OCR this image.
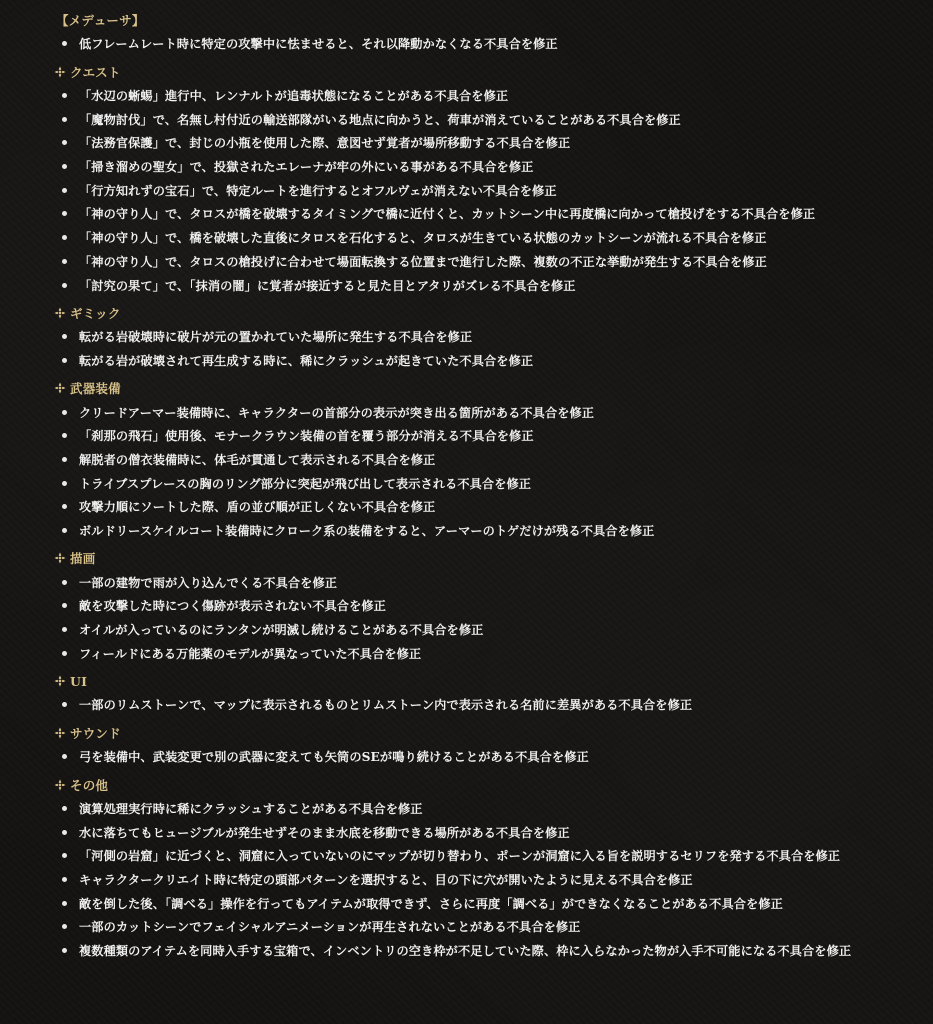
【メデューサ】
低フレームレート時に特定の攻撃中に怯ませると、それ以降動かなくなる不具合を修正
クエスト
「水辺の蜥蜴」進行中、レンナルトが追毒状態になることがある不具合を修正
「魔物討伐」で、名無し村付近の輸送部隊がいる地点に向かうと、荷車が消えていることがある不具合を修正
「法務官保護」で、封じの小瓶を使用した際、意図せず覚者が場所移動する不具合を修正
「掃き溜めの聖女」で、投獄されたエレーナが牢の外にいる事がある不具合を修正
「行方知れずの宝石」で、特定ルートを進行するとオフルヴェが消えない不具合を修正
「神の守り人」で、タロスが橋を破壊するタイミングで橋に近付くと、カットシーン中に再度橋に向かって槍投げをする不具合を修正
「神の守り人」で、橋を破壊した直後にタロスを石化すると、タロスが生きている状態のカットシーンが流れる不具合を修正
「神の守り人」で、タロスの槍投げに合わせて場面転換する位置まで進行した際、複数の不正な挙動が発生する不具合を修正
「討究の果て」で、「抹消の闇」に覚者が接近すると見た目とアタリがズレる不具合を修正
ギミック
転がる岩破壊時に破片が元の置かれていた場所に発生する不具合を修正
転がる岩が破壊されて再生成する時に、稀にクラッシュが起きていた不具合を修正
武器装備
クリードアーマー装備時に、キャラクターの首部分の表示が突き出る箇所がある不具合を修正
「刹那の飛石」使用後、モナークラウン装備の首を覆う部分が消える不具合を修正
解脱者の僧衣装備時に、体毛が貫通して表示される不具合を修正
トライブスプレースの胸のリング部分に突起が飛び出して表示される不具合を修正
攻撃力順にソートした際、盾の並び順が正しくない不具合を修正
ボルドリースケイルコート装備時にクローク系の装備をすると、アーマーのトゲだけが残る不具合を修正
描画
一部の建物で雨が入り込んでくる不具合を修正
敵を攻撃した時につく傷跡が表示されない不具合を修正
オイルが入っているのにランタンが明滅し続けることがある不具合を修正
フィールドにある万能薬のモデルが異なっていた不具合を修正
UI
一部のリムストーンで、マップに表示されるものとリムストーン内で表示される名前に差異がある不具合を修正
サウンド
弓を装備中、武装変更で別の武器に変えても矢筒のSEが鳴り続けることがある不具合を修正
その他
演算処理実行時に稀にクラッシュすることがある不具合を修正
水に落ちてもヒュージブルが発生せずそのまま水底を移動できる場所がある不具合を修正
「河側の岩窟」に近づくと、洞窟に入っていないのにマップが切り替わり、ポーンが洞窟に入る旨を説明するセリフを発する不具合を修正
キャラクタークリエイト時に特定の頭部パターンを選択すると、目の下に穴が開いたように見える不具合を修正
敵を倒した後、「調べる」操作を行ってもアイテムが取得できず、さらに再度「調べる」ができなくなることがある不具合を修正
一部のカットシーンでフェイシャルアニメーションが再生されないことがある不具合を修正
複数種類のアイテムを同時入手する宝箱で、インベントリの空き枠が不足していた際、枠に入らなかった物が入手不可能になる不具合を修正
